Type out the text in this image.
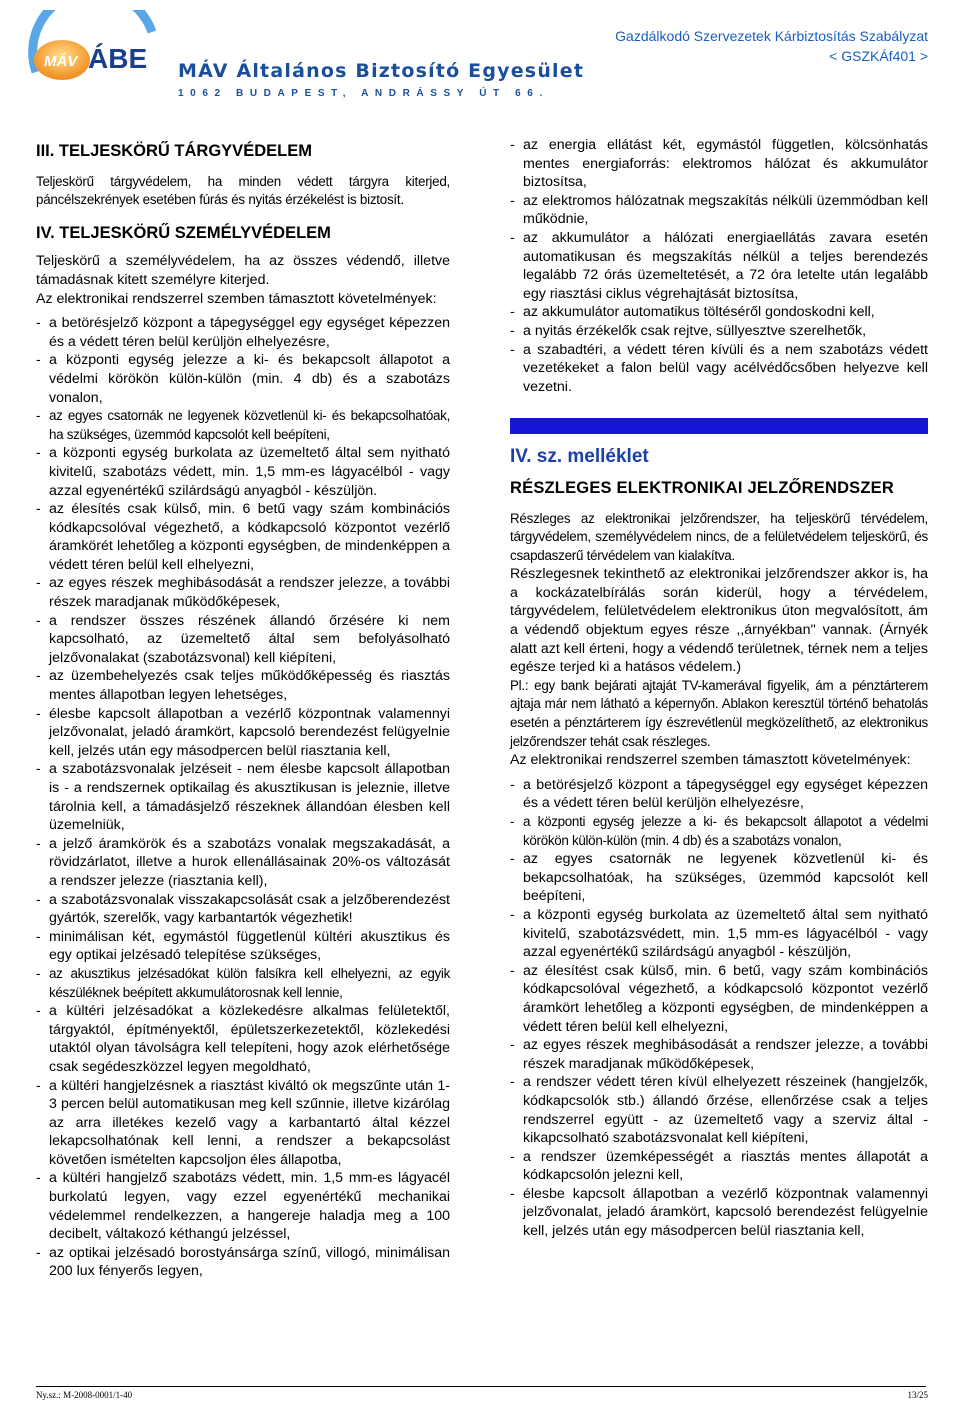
MÁV ÁBE
BIZTOSÍTÓ
MÁV Általános Biztosító Egyesület
1062 BUDAPEST, ANDRÁSSY ÚT 66.
Gazdálkodó Szervezetek Kárbiztosítás Szabályzat
< GSZKÁf401 >
III. TELJESKÖRŰ TÁRGYVÉDELEM

Teljeskörű tárgyvédelem, ha minden védett tárgyra kiterjed, páncélszekrények esetében fúrás és nyitás érzékelést is biztosít.

IV. TELJESKÖRŰ SZEMÉLYVÉDELEM

Teljeskörű a személyvédelem, ha az összes védendő, illetve támadásnak kitett személyre kiterjed.

Az elektronikai rendszerrel szemben támasztott követelmények:

- a betörésjelző központ a tápegységgel egy egységet képezzen és a védett téren belül kerüljön elhelyezésre,
- a központi egység jelezze a ki- és bekapcsolt állapotot a védelmi körökön külön-külön (min. 4 db) és a szabotázs vonalon,
- az egyes csatornák ne legyenek közvetlenül ki- és bekapcsolhatóak, ha szükséges, üzemmód kapcsolót kell beépíteni,
- a központi egység burkolata az üzemeltető által sem nyitható kivitelű, szabotázs védett, min. 1,5 mm-es lágyacélból - vagy azzal egyenértékű szilárdságú anyagból - készüljön.
- az élesítés csak külső, min. 6 betű vagy szám kombinációs kódkapcsolóval végezhető, a kódkapcsoló központot vezérlő áramkörét lehetőleg a központi egységben, de mindenképpen a védett téren belül kell elhelyezni,
- az egyes részek meghibásodását a rendszer jelezze, a további részek maradjanak működőképesek,
- a rendszer összes részének állandó őrzésére ki nem kapcsolható, az üzemeltető által sem befolyásolható jelzővonalakat (szabotázsvonal) kell kiépíteni,
- az üzembehelyezés csak teljes működőképesség és riasztás mentes állapotban legyen lehetséges,
- élesbe kapcsolt állapotban a vezérlő központnak valamennyi jelzővonalat, jeladó áramkört, kapcsoló berendezést felügyelnie kell, jelzés után egy másodpercen belül riasztania kell,
- a szabotázsvonalak jelzéseit - nem élesbe kapcsolt állapotban is - a rendszernek optikailag és akusztikusan is jeleznie, illetve tárolnia kell, a támadásjelző részeknek állandóan élesben kell üzemelniük,
- a jelző áramkörök és a szabotázs vonalak megszakadását, a rövidzárlatot, illetve a hurok ellenállásainak 20%-os változását a rendszer jelezze (riasztania kell),
- a szabotázsvonalak visszakapcsolását csak a jelzőberendezést gyártók, szerelők, vagy karbantartók végezhetik!
- minimálisan két, egymástól függetlenül kültéri akusztikus és egy optikai jelzésadó telepítése szükséges,
- az akusztikus jelzésadókat külön falsíkra kell elhelyezni, az egyik készüléknek beépített akkumulátorosnak kell lennie,
- a kültéri jelzésadókat a közlekedésre alkalmas felületektől, tárgyaktól, építményektől, épületszerkezetektől, közlekedési utaktól olyan távolságra kell telepíteni, hogy azok elérhetősége csak segédeszközzel legyen megoldható,
- a kültéri hangjelzésnek a riasztást kiváltó ok megszűnte után 1-3 percen belül automatikusan meg kell szűnnie, illetve kizárólag az arra illetékes kezelő vagy a karbantartó által kézzel lekapcsolhatónak kell lenni, a rendszer a bekapcsolást követően ismételten kapcsoljon éles állapotba,
- a kültéri hangjelző szabotázs védett, min. 1,5 mm-es lágyacél burkolatú legyen, vagy ezzel egyenértékű mechanikai védelemmel rendelkezzen, a hangereje haladja meg a 100 decibelt, váltakozó kéthangú jelzéssel,
- az optikai jelzésadó borostyánsárga színű, villogó, minimálisan 200 lux fényerős legyen,
- az energia ellátást két, egymástól független, kölcsönhatás mentes energiaforrás: elektromos hálózat és akkumulátor biztosítsa,
- az elektromos hálózatnak megszakítás nélküli üzemmódban kell működnie,
- az akkumulátor a hálózati energiaellátás zavara esetén automatikusan és megszakítás nélkül a teljes berendezés legalább 72 órás üzemeltetését, a 72 óra letelte után legalább egy riasztási ciklus végrehajtását biztosítsa,
- az akkumulátor automatikus töltéséről gondoskodni kell,
- a nyitás érzékelők csak rejtve, süllyesztve szerelhetők,
- a szabadtéri, a védett téren kívüli és a nem szabotázs védett vezetékeket a falon belül vagy acélvédőcsőben helyezve kell vezetni.
IV. sz. melléklet
RÉSZLEGES ELEKTRONIKAI JELZŐRENDSZER

Részleges az elektronikai jelzőrendszer, ha teljeskörű térvédelem, tárgyvédelem, személyvédelem nincs, de a felületvédelem teljeskörű, és csapdaszerű térvédelem van kialakítva.

Részlegesnek tekinthető az elektronikai jelzőrendszer akkor is, ha a kockázatelbírálás során kiderül, hogy a térvédelem, tárgyvédelem, felületvédelem elektronikus úton megvalósított, ám a védendő objektum egyes része ,,árnyékban'' vannak. (Árnyék alatt azt kell érteni, hogy a védendő területnek, térnek nem a teljes egésze terjed ki a hatásos védelem.)

Pl.: egy bank bejárati ajtaját TV-kamerával figyelik, ám a pénztárterem ajtaja már nem látható a képernyőn. Ablakon keresztül történő behatolás esetén a pénztárterem így észrevétlenül megközelíthető, az elektronikus jelzőrendszer tehát csak részleges.

Az elektronikai rendszerrel szemben támasztott követelmények:

- a betörésjelző központ a tápegységgel egy egységet képezzen és a védett téren belül kerüljön elhelyezésre,
- a központi egység jelezze a ki- és bekapcsolt állapotot a védelmi körökön külön-külön (min. 4 db) és a szabotázs vonalon,
- az egyes csatornák ne legyenek közvetlenül ki- és bekapcsolhatóak, ha szükséges, üzemmód kapcsolót kell beépíteni,
- a központi egység burkolata az üzemeltető által sem nyitható kivitelű, szabotázsvédett, min. 1,5 mm-es lágyacélból - vagy azzal egyenértékű szilárdságú anyagból - készüljön,
- az élesítést csak külső, min. 6 betű, vagy szám kombinációs kódkapcsolóval végezhető, a kódkapcsoló központot vezérlő áramkört lehetőleg a központi egységben, de mindenképpen a védett téren belül kell elhelyezni,
- az egyes részek meghibásodását a rendszer jelezze, a további részek maradjanak működőképesek,
- a rendszer védett téren kívül elhelyezett részeinek (hangjelzők, kódkapcsolók stb.) állandó őrzése, ellenőrzése csak a teljes rendszerrel együtt - az üzemeltető vagy a szerviz által - kikapcsolható szabotázsvonalat kell kiépíteni,
- a rendszer üzemképességét a riasztás mentes állapotát a kódkapcsolón jelezni kell,
- élesbe kapcsolt állapotban a vezérlő központnak valamennyi jelzővonalat, jeladó áramkört, kapcsoló berendezést felügyelnie kell, jelzés után egy másodpercen belül riasztania kell,
Ny.sz.: M-2008-0001/1-40	13/25
